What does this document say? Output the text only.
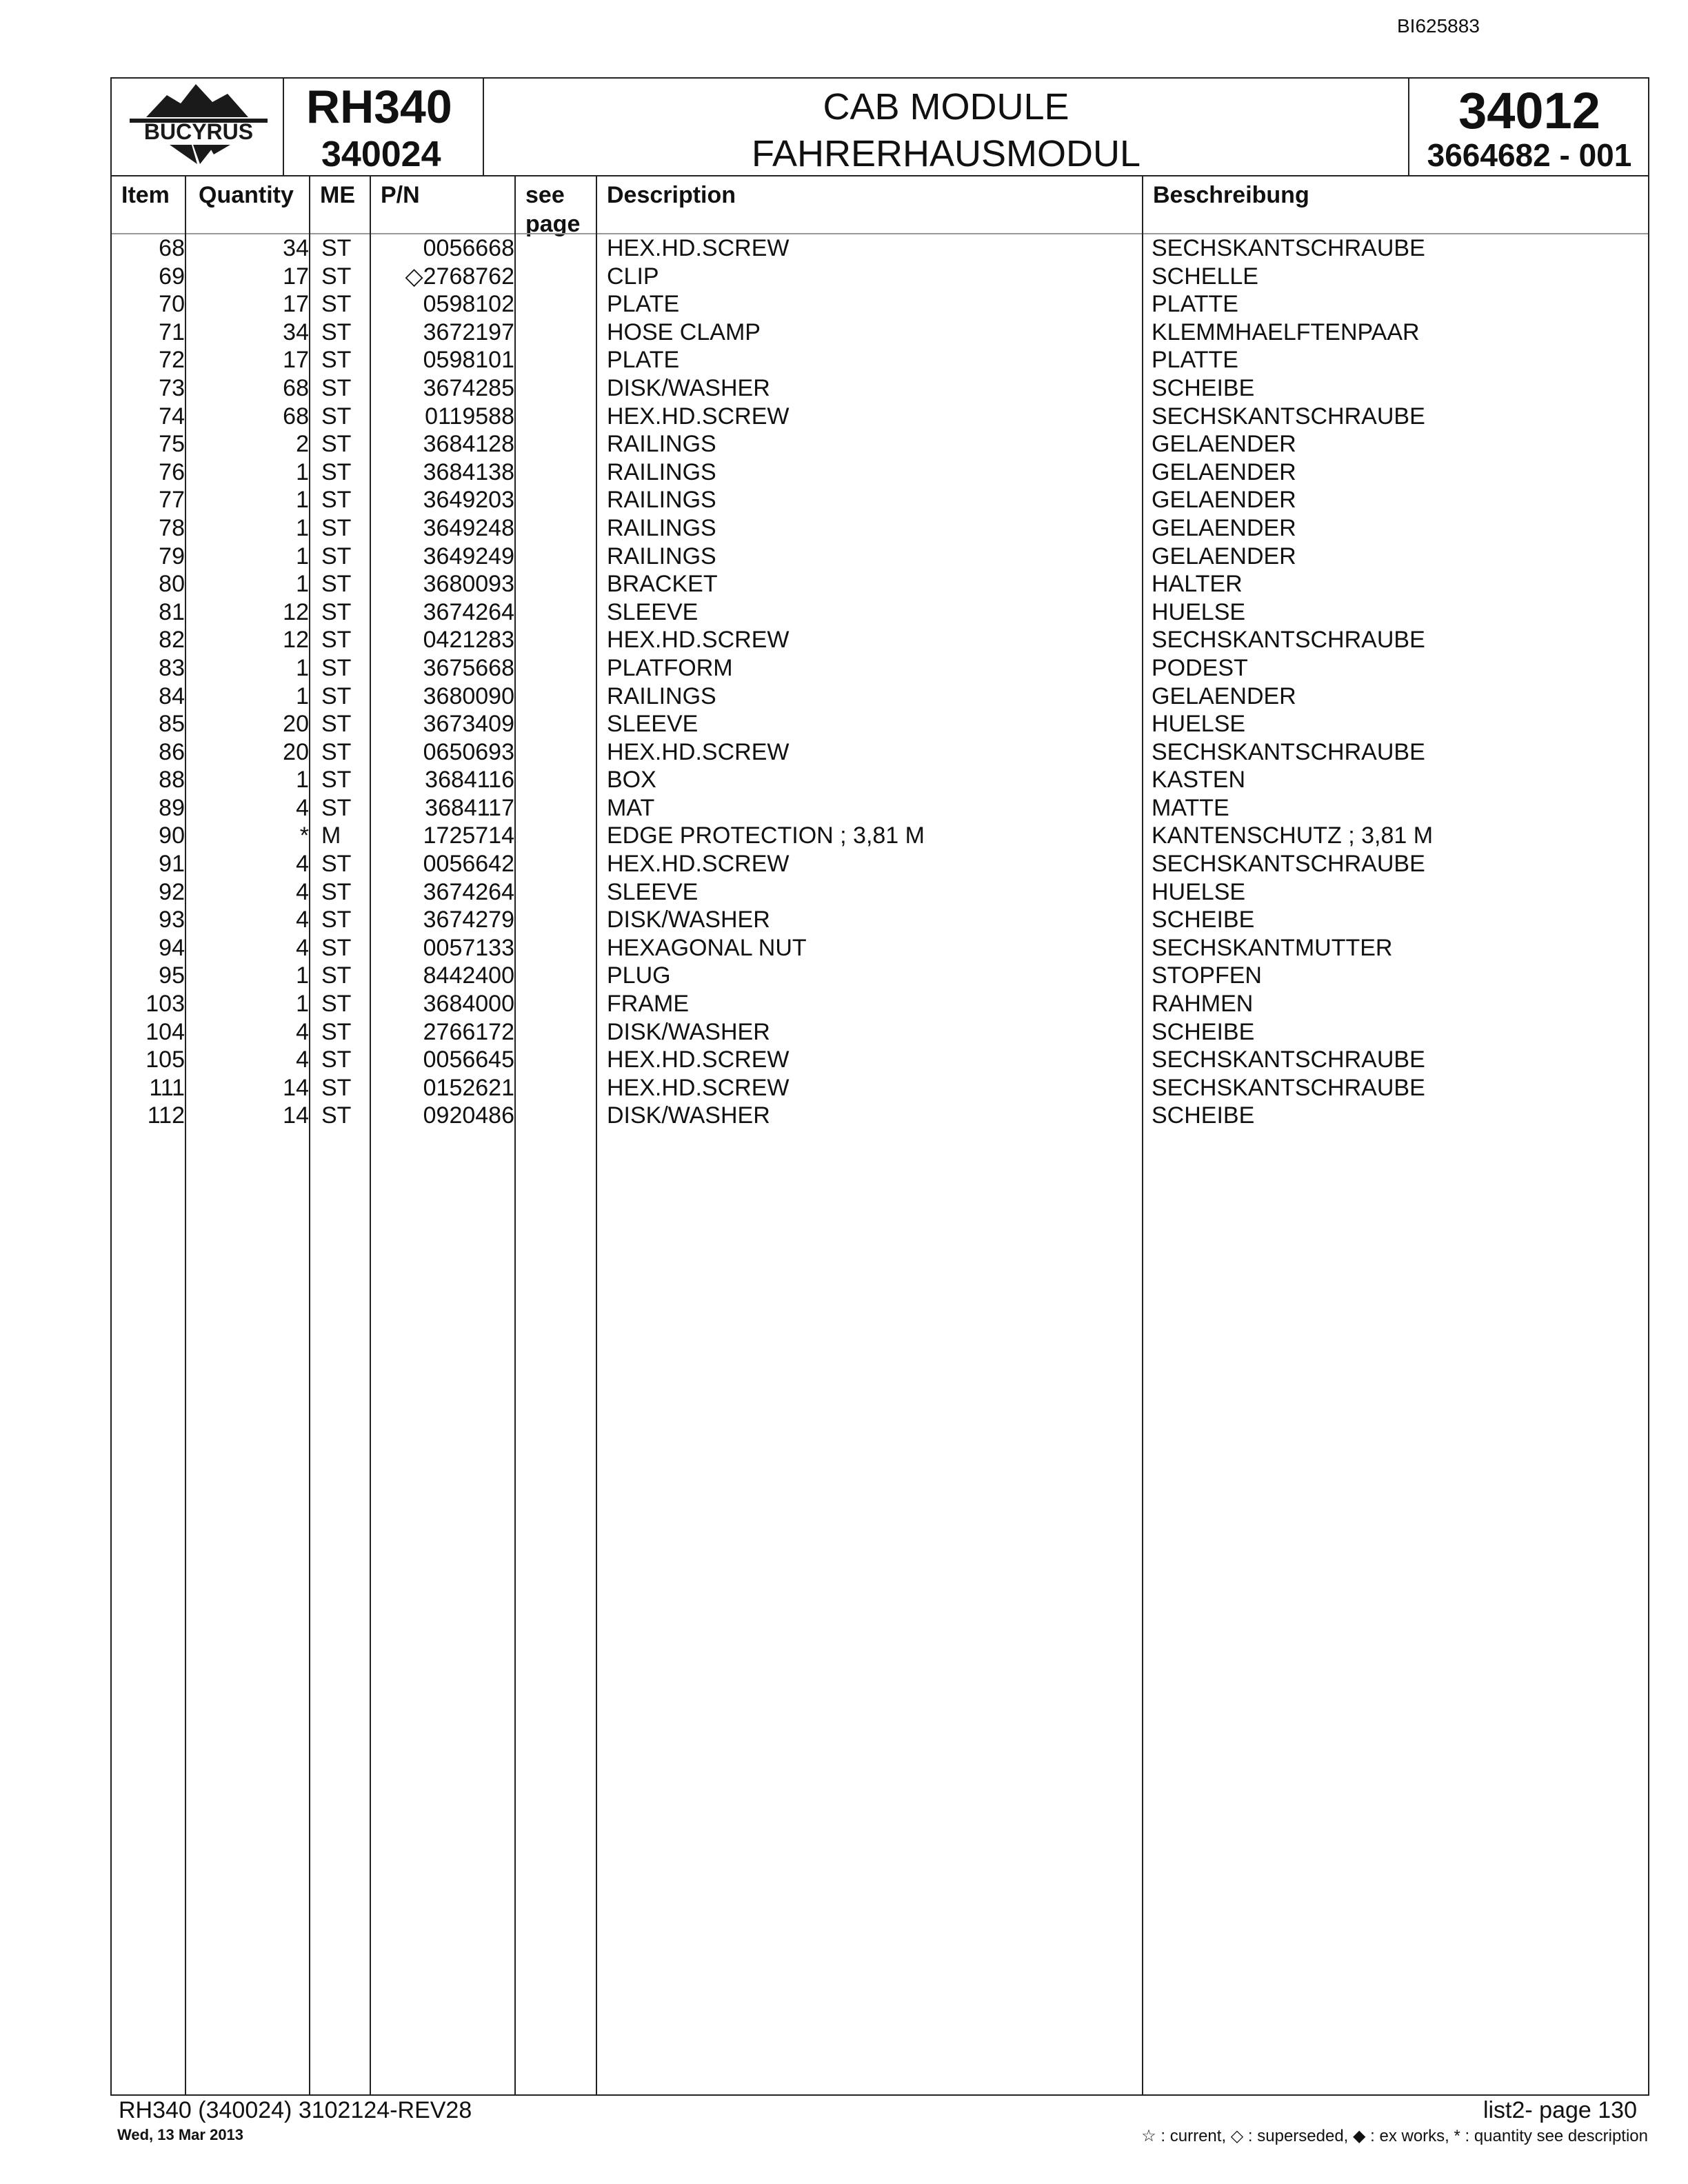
BI625883
BUCYRUS RH340
340024
CAB MODULE
FAHRERHAUSMODUL
34012
3664682 - 001
Item	Quantity	ME	P/N	see
page
Description	Beschreibung
68	34 ST	0056668	HEX.HD.SCREW	SECHSKANTSCHRAUBE
69	17 ST ◇2768762	CLIP	SCHELLE
70	17 ST	0598102	PLATE	PLATTE
71	34 ST	3672197	HOSE CLAMP	KLEMMHAELFTENPAAR
72	17 ST	0598101	PLATE	PLATTE
73	68 ST	3674285	DISK/WASHER	SCHEIBE
74	68 ST	0119588	HEX.HD.SCREW	SECHSKANTSCHRAUBE
75	2 ST	3684128	RAILINGS	GELAENDER
76	1 ST	3684138	RAILINGS	GELAENDER
77	1 ST	3649203	RAILINGS	GELAENDER
78	1 ST	3649248	RAILINGS	GELAENDER
79	1 ST	3649249	RAILINGS	GELAENDER
80	1 ST	3680093	BRACKET	HALTER
81	12 ST	3674264	SLEEVE	HUELSE
82	12 ST	0421283	HEX.HD.SCREW	SECHSKANTSCHRAUBE
83	1 ST	3675668	PLATFORM	PODEST
84	1 ST	3680090	RAILINGS	GELAENDER
85	20 ST	3673409	SLEEVE	HUELSE
86	20 ST	0650693	HEX.HD.SCREW	SECHSKANTSCHRAUBE
88	1 ST	3684116	BOX	KASTEN
89	4 ST	3684117	MAT	MATTE
90	* M	1725714	EDGE PROTECTION ; 3,81 M	KANTENSCHUTZ ; 3,81 M
91	4 ST	0056642	HEX.HD.SCREW	SECHSKANTSCHRAUBE
92	4 ST	3674264	SLEEVE	HUELSE
93	4 ST	3674279	DISK/WASHER	SCHEIBE
94	4 ST	0057133	HEXAGONAL NUT	SECHSKANTMUTTER
95	1 ST	8442400	PLUG	STOPFEN
103	1 ST	3684000	FRAME	RAHMEN
104	4 ST	2766172	DISK/WASHER	SCHEIBE
105	4 ST	0056645	HEX.HD.SCREW	SECHSKANTSCHRAUBE
111	14 ST	0152621	HEX.HD.SCREW	SECHSKANTSCHRAUBE
112	14 ST	0920486	DISK/WASHER	SCHEIBE
RH340 (340024) 3102124-REV28
Wed, 13 Mar 2013
list2- page 130
☆ : current, ◇ : superseded, ◆ : ex works, * : quantity see description
